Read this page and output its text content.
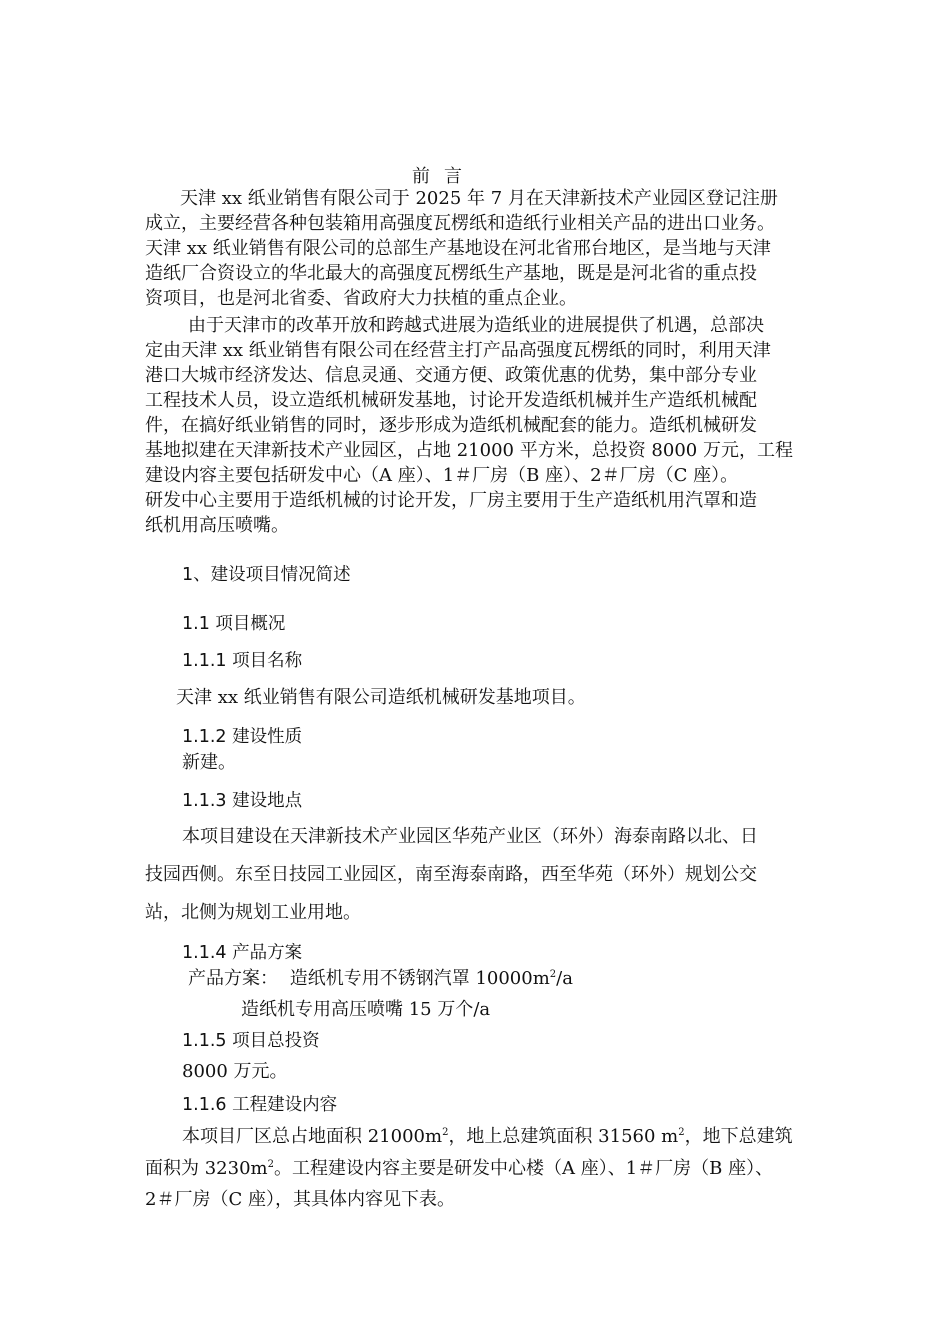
前言
天津 xx 纸业销售有限公司于 2025 年 7 月在天津新技术产业园区登记注册
成立，主要经营各种包装箱用高强度瓦楞纸和造纸行业相关产品的进出口业务。
天津 xx 纸业销售有限公司的总部生产基地设在河北省邢台地区，是当地与天津
造纸厂合资设立的华北最大的高强度瓦楞纸生产基地，既是是河北省的重点投
资项目，也是河北省委、省政府大力扶植的重点企业。
由于天津市的改革开放和跨越式进展为造纸业的进展提供了机遇，总部决
定由天津 xx 纸业销售有限公司在经营主打产品高强度瓦楞纸的同时，利用天津
港口大城市经济发达、信息灵通、交通方便、政策优惠的优势，集中部分专业
工程技术人员，设立造纸机械研发基地，讨论开发造纸机械并生产造纸机械配
件，在搞好纸业销售的同时，逐步形成为造纸机械配套的能力。造纸机械研发
基地拟建在天津新技术产业园区，占地 21000 平方米，总投资 8000 万元，工程
建设内容主要包括研发中心（A 座）、1＃厂房（B 座）、2＃厂房（C 座）。
研发中心主要用于造纸机械的讨论开发，厂房主要用于生产造纸机用汽罩和造
纸机用高压喷嘴。
1、建设项目情况简述
1.1 项目概况
1.1.1 项目名称
天津 xx 纸业销售有限公司造纸机械研发基地项目。
1.1.2 建设性质
新建。
1.1.3 建设地点
本项目建设在天津新技术产业园区华苑产业区（环外）海泰南路以北、日
技园西侧。东至日技园工业园区，南至海泰南路，西至华苑（环外）规划公交
站，北侧为规划工业用地。
1.1.4 产品方案
产品方案： 造纸机专用不锈钢汽罩 $10000m^2/a$
造纸机专用高压喷嘴 15 万个/a
1.1.5 项目总投资
8000 万元。
1.1.6 工程建设内容
本项目厂区总占地面积 $21000m^2$，地上总建筑面积 31560 $m^2$，地下总建筑
面积为 $3230m^2$。工程建设内容主要是研发中心楼（A 座）、1＃厂房（B 座）、
2＃厂房（C 座），其具体内容见下表。
